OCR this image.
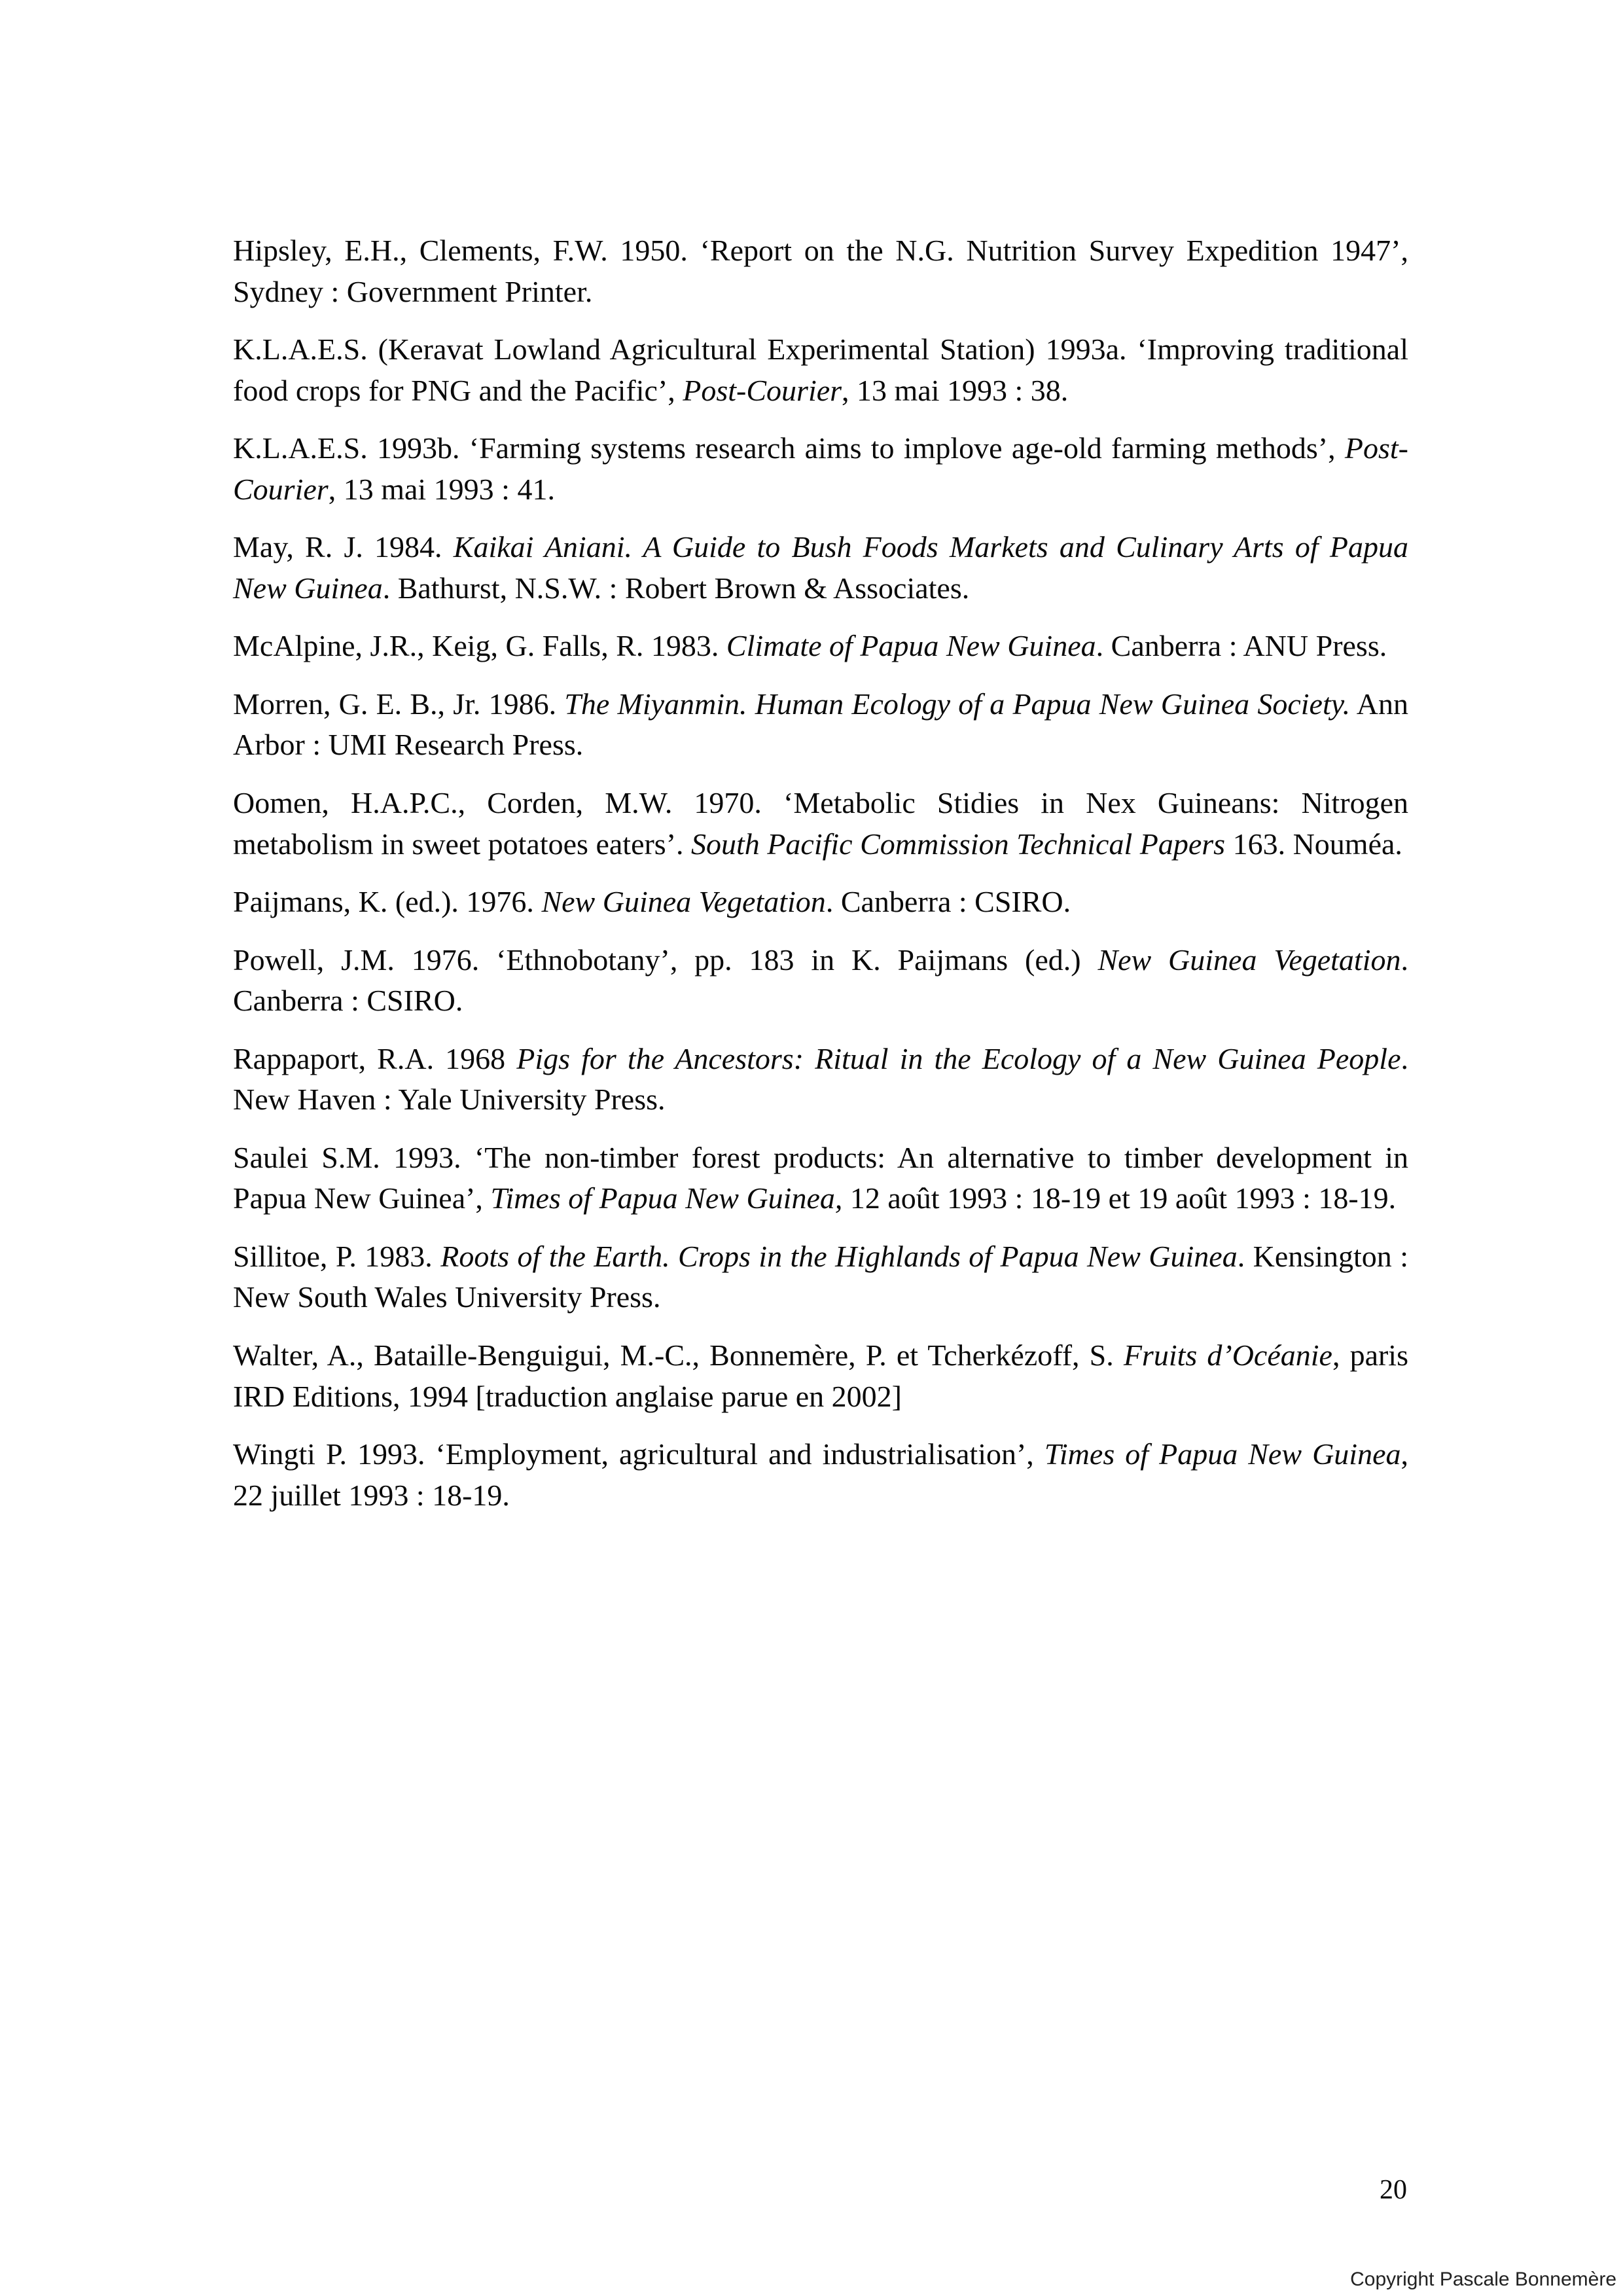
Hipsley, E.H., Clements, F.W. 1950. ‘Report on the N.G. Nutrition Survey Expedition 1947’, Sydney : Government Printer.

K.L.A.E.S. (Keravat Lowland Agricultural Experimental Station) 1993a. ‘Improving traditional food crops for PNG and the Pacific’, Post-Courier, 13 mai 1993 : 38.

K.L.A.E.S. 1993b. ‘Farming systems research aims to implove age-old farming methods’, Post-Courier, 13 mai 1993 : 41.

May, R. J. 1984. Kaikai Aniani. A Guide to Bush Foods Markets and Culinary Arts of Papua New Guinea. Bathurst, N.S.W. : Robert Brown & Associates.

McAlpine, J.R., Keig, G. Falls, R. 1983. Climate of Papua New Guinea. Canberra : ANU Press.

Morren, G. E. B., Jr. 1986. The Miyanmin. Human Ecology of a Papua New Guinea Society. Ann Arbor : UMI Research Press.

Oomen, H.A.P.C., Corden, M.W. 1970. ‘Metabolic Stidies in Nex Guineans: Nitrogen metabolism in sweet potatoes eaters’. South Pacific Commission Technical Papers 163. Nouméa.

Paijmans, K. (ed.). 1976. New Guinea Vegetation. Canberra : CSIRO.

Powell, J.M. 1976. ‘Ethnobotany’, pp. 183 in K. Paijmans (ed.) New Guinea Vegetation. Canberra : CSIRO.

Rappaport, R.A. 1968 Pigs for the Ancestors: Ritual in the Ecology of a New Guinea People. New Haven : Yale University Press.

Saulei S.M. 1993. ‘The non-timber forest products: An alternative to timber development in Papua New Guinea’, Times of Papua New Guinea, 12 août 1993 : 18-19 et 19 août 1993 : 18-19.

Sillitoe, P. 1983. Roots of the Earth. Crops in the Highlands of Papua New Guinea. Kensington : New South Wales University Press.

Walter, A., Bataille-Benguigui, M.-C., Bonnemère, P. et Tcherkézoff, S. Fruits d’Océanie, paris IRD Editions, 1994 [traduction anglaise parue en 2002]

Wingti P. 1993. ‘Employment, agricultural and industrialisation’, Times of Papua New Guinea, 22 juillet 1993 : 18-19.

20
Copyright Pascale Bonnemère
